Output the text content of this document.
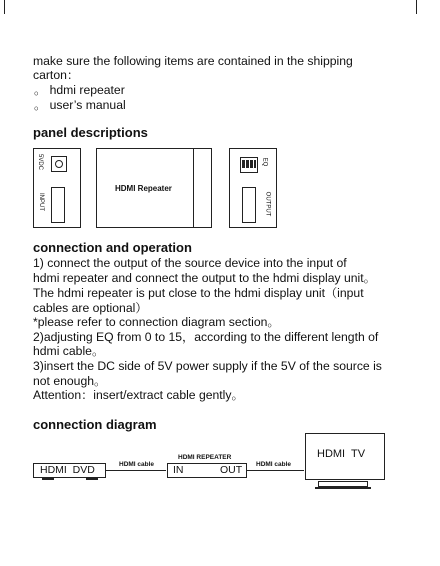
make sure the following items are contained in the shipping
carton：
。 hdmi repeater
。 user’s manual
panel descriptions
5VDC
INPUT
HDMI Repeater
EQ
OUTPUT
connection and operation
1) connect the output of the source device into the input of
hdmi repeater and connect the output to the hdmi display unit。
The hdmi repeater is put close to the hdmi display unit（input
cables are optional）
*please refer to connection diagram section。
2)adjusting EQ from 0 to 15，according to the different length of
hdmi cable。
3)insert the DC side of 5V power supply if the 5V of the source is
not enough。
Attention：insert/extract cable gently。
connection diagram
HDMI  DVD	HDMI cable
HDMI REPEATER
IN	OUT HDMI cable
HDMI  TV
